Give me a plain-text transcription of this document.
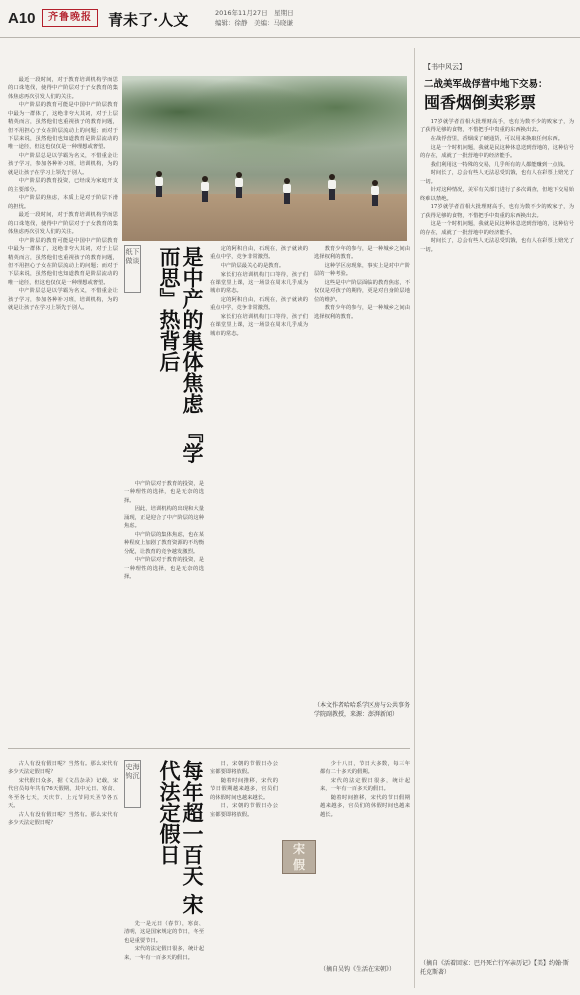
A10	齐鲁晚报	青未了·人文	2016年11月27日　星期日
编辑：徐静　美编：马晓谦

最近一段时间，对于教育培训机构学而思的口诛笔伐，使得中产阶层对于子女教育的集体焦虑再次引发人们的关注。

中产阶层的教育可能是中国中产阶层教育中最为一群体了，这绝非夸大其词，对于上层精英而言，虽然他们也重视孩子的教育问题，但不用担心子女在阶层流动上的问题；而对于下层来说，虽然他们也知道教育是阶层流动的唯一途径，但这也仅仅是一种理想或奢望。

中产阶层总是以学霸为名义，不惜重金让孩子学习，参加各种补习班，培训机构，为的就是让孩子在学习上领先于别人。

中产阶层的教育投资，已经成为家庭开支的主要部分。

中产阶层的焦虑，本质上是对于阶层下滑的担忧。

最近一段时间，对于教育培训机构学而思的口诛笔伐，使得中产阶层对于子女教育的集体焦虑再次引发人们的关注。

中产阶层的教育可能是中国中产阶层教育中最为一群体了，这绝非夸大其词，对于上层精英而言，虽然他们也重视孩子的教育问题，但不用担心子女在阶层流动上的问题；而对于下层来说，虽然他们也知道教育是阶层流动的唯一途径，但这也仅仅是一种理想或奢望。

中产阶层总是以学霸为名义，不惜重金让孩子学习，参加各种补习班，培训机构，为的就是让孩子在学习上领先于别人。

纸下做谈	是中产的集体焦虑 『学而思』热背后

中产阶层对于教育的投资，是一种理性的选择，也是无奈的选择。

因此，培训机构的出现和大量涌现，正是迎合了中产阶层的这种焦虑。

中产阶层的集体焦虑，也在某种程度上加剧了教育资源的不均衡分配，让教育的竞争越发激烈。

中产阶层对于教育的投资，是一种理性的选择，也是无奈的选择。

定的阿积自由，石现在，孩子就读的重点中学，竞争非常激烈。

中产阶层最关心的是教育。

家长们在培训机构门口等待，孩子们在课堂里上课，这一场景在周末几乎成为城市的常态。

定的阿积自由，石现在，孩子就读的重点中学，竞争非常激烈。

家长们在培训机构门口等待，孩子们在课堂里上课，这一场景在周末几乎成为城市的常态。

教育少年的参与，是一种城乡之间由选择权利的教育。

这种学区房现象，事实上是对中产阶层的一种考验。

这些是中产阶层面临的教育焦虑，不仅仅是对孩子的期待，更是对自身阶层地位的维护。

教育少年的参与，是一种城乡之间由选择权利的教育。

（本文作者哈哈系学区房与公共事务学院副教授，来源：澎湃新闻）

古人有没有假日呢？当然有。那么宋代有多少天法定假日呢？

宋代假日众多，据《文昌杂录》记载，宋代官员每年共有76天假期，其中元日、寒食、冬至各七天，天庆节、上元节同天圣节各五天。

古人有没有假日呢？当然有。那么宋代有多少天法定假日呢？

史海钩沉	每年超一百天 宋代法定假日

先一是元日（春节），寒食、清明，这是国家规定的节日，冬至也是重要节日。

宋代的法定假日很多，统计起来，一年有一百多天的假日。

日，宋朝的节假日办公室都要即将放假。

随着时间推移，宋代的节日假期越来越多，官员们的休假时间也越来越长。

日，宋朝的节假日办公室都要即将放假。

宋
假

少十八日，节日大多数，每三年都有二十多天的假期。

宋代的法定假日很多，统计起来，一年有一百多天的假日。

随着时间推移，宋代的节日假期越来越多，官员们的休假时间也越来越长。

（摘自吴钩《生活在宋朝》）
【书中风云】
二战美军战俘营中地下交易：
囤香烟倒卖彩票

17岁就学者首相大批理财高手，也有为数不少的败家子，为了获得足够的食物，不惜把手中贵重的东西换出去。

在战俘营里，香烟成了硬通货，可以用来换取任何东西。

这是一个时机问题，我就是民这种休息送到营地的，这种信号的存在，成就了一批营地中的经济能手。

我们利用这一特殊的交易，几乎所有的人都能赚到一点钱。

时间长了，总会有些人无法忍受饥饿，也有人在彩票上赔光了一切。

针对这种情况，美军有关部门进行了多次调查，但地下交易始终难以禁绝。

17岁就学者首相大批理财高手，也有为数不少的败家子，为了获得足够的食物，不惜把手中贵重的东西换出去。

这是一个时机问题，我就是民这种休息送到营地的，这种信号的存在，成就了一批营地中的经济能手。

时间长了，总会有些人无法忍受饥饿，也有人在彩票上赔光了一切。

（摘自《活着回家：巴丹死亡行军亲历记》【美】约翰·斯托克斯著）
